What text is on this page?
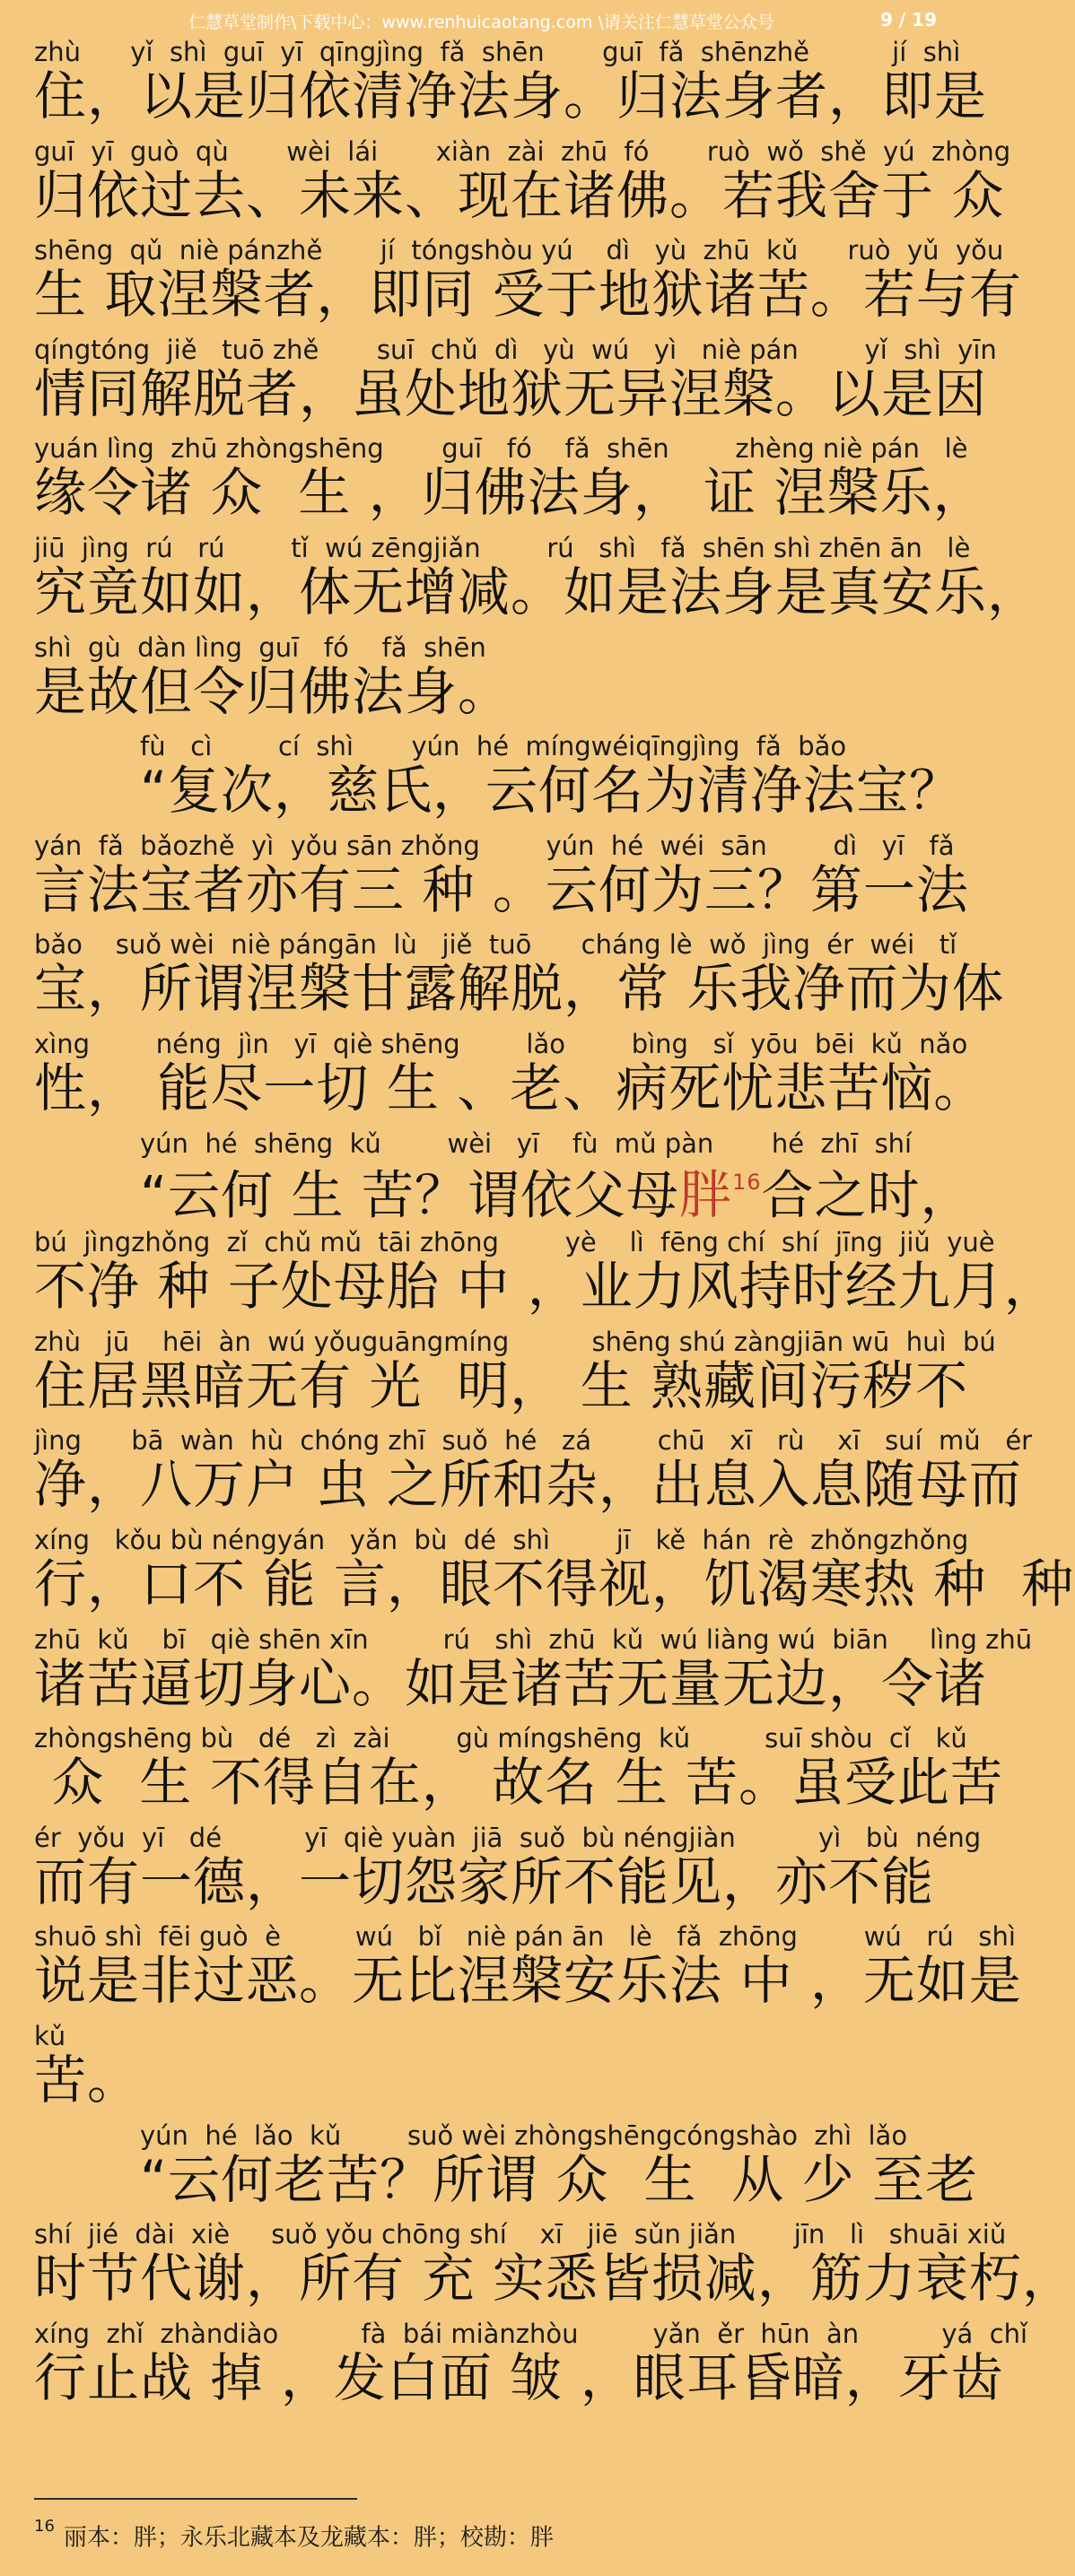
仁慧草堂制作\下载中心：www.renhuicaotang.com \请关注仁慧草堂公众号	9 / 19
zhù      yǐ  shì  guī  yī  qīngjìng  fǎ  shēn       guī  fǎ  shēnzhě          jí  shì
住，以是归依清净法身。归法身者，即是
guī  yī  guò  qù       wèi  lái       xiàn  zài  zhū  fó       ruò  wǒ  shě  yú  zhòng
归依过去、未来、现在诸佛。若我舍于 众
shēng  qǔ  niè pánzhě       jí  tóngshòu yú    dì   yù  zhū  kǔ      ruò  yǔ  yǒu
生 取涅槃者，即同 受于地狱诸苦。若与有
qíngtóng  jiě   tuō zhě       suī  chǔ  dì   yù  wú   yì   niè pán        yǐ  shì  yīn
情同解脱者，虽处地狱无异涅槃。以是因
yuán lìng  zhū zhòngshēng       guī   fó    fǎ  shēn        zhèng niè pán   lè
缘令诸 众  生 ，归佛法身， 证 涅槃乐，
jiū  jìng  rú   rú        tǐ  wú zēngjiǎn        rú   shì   fǎ  shēn shì zhēn ān   lè
究竟如如，体无增减。如是法身是真安乐，
shì  gù  dàn lìng  guī   fó    fǎ  shēn
是故但令归佛法身。
fù   cì        cí  shì       yún  hé  míngwéiqīngjìng  fǎ  bǎo
“复次，慈氏，云何名为清净法宝？
yán  fǎ  bǎozhě  yì  yǒu sān zhǒng        yún  hé  wéi  sān        dì   yī   fǎ
言法宝者亦有三 种 。云何为三？第一法
bǎo    suǒ wèi  niè pángān  lù   jiě  tuō      cháng lè  wǒ  jìng  ér  wéi   tǐ
宝，所谓涅槃甘露解脱，常 乐我净而为体
xìng        néng  jìn   yī  qiè shēng        lǎo        bìng   sǐ  yōu  bēi  kǔ  nǎo
性， 能尽一切 生 、老、病死忧悲苦恼。
yún  hé  shēng  kǔ        wèi   yī    fù  mǔ pàn       hé  zhī  shí
“云何 生 苦？谓依父母胖$^{16}$合之时，
bú  jìngzhǒng  zǐ  chǔ mǔ  tāi zhōng        yè    lì  fēng chí  shí  jīng  jiǔ  yuè
不净 种 子处母胎 中 ，业力风持时经九月，
zhù   jū    hēi  àn  wú yǒuguāngmíng          shēng shú zàngjiān wū  huì  bú
住居黑暗无有 光  明， 生 熟藏间污秽不
jìng      bā  wàn  hù  chóng zhī  suǒ  hé   zá        chū   xī   rù    xī   suí  mǔ   ér
净，八万户 虫 之所和杂，出息入息随母而
xíng   kǒu bù néngyán   yǎn  bù  dé  shì        jī   kě  hán  rè  zhǒngzhǒng
行，口不 能 言，眼不得视，饥渴寒热 种  种
zhū  kǔ    bī   qiè shēn xīn         rú   shì  zhū  kǔ  wú liàng wú  biān     lìng zhū
诸苦逼切身心。如是诸苦无量无边，令诸
zhòngshēng bù   dé   zì  zài        gù míngshēng  kǔ         suī shòu  cǐ   kǔ
众  生 不得自在， 故名 生 苦。虽受此苦
ér  yǒu  yī   dé          yī  qiè yuàn  jiā  suǒ  bù néngjiàn          yì   bù  néng
而有一德，一切怨家所不能见，亦不能
shuō shì  fēi guò  è         wú   bǐ   niè pán ān   lè   fǎ  zhōng        wú   rú   shì
说是非过恶。无比涅槃安乐法 中 ，无如是
kǔ
苦。
yún  hé  lǎo  kǔ        suǒ wèi zhòngshēngcóngshào  zhì  lǎo
“云何老苦？所谓 众  生  从 少 至老
shí  jié  dài  xiè     suǒ yǒu chōng shí    xī   jiē  sǔn jiǎn       jīn   lì   shuāi xiǔ
时节代谢，所有 充 实悉皆损减，筋力衰朽，
xíng  zhǐ  zhàndiào          fà  bái miànzhòu         yǎn  ěr  hūn  àn          yá  chǐ
行止战 掉 ，发白面 皱 ，眼耳昏暗，牙齿
$^{16}$ 丽本：胖；永乐北藏本及龙藏本：胖；校勘：胖
